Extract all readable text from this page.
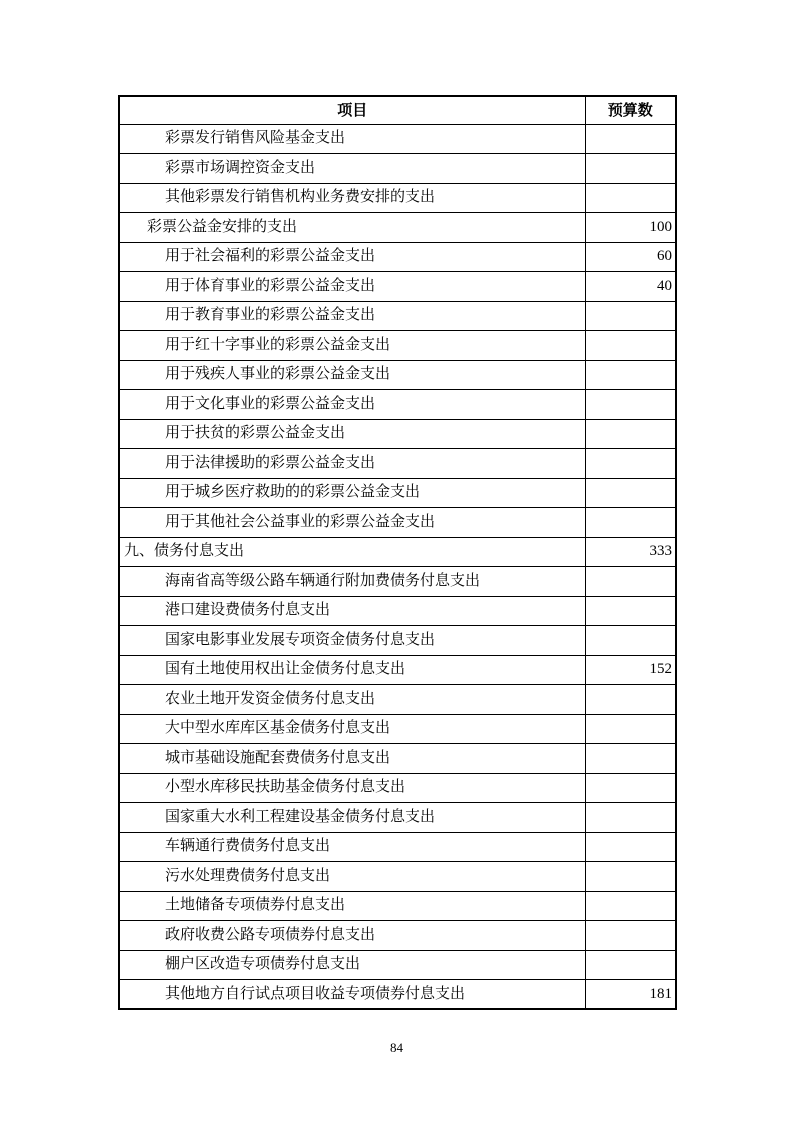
项目	预算数
彩票发行销售风险基金支出	
彩票市场调控资金支出	
其他彩票发行销售机构业务费安排的支出	
彩票公益金安排的支出	100
用于社会福利的彩票公益金支出	60
用于体育事业的彩票公益金支出	40
用于教育事业的彩票公益金支出	
用于红十字事业的彩票公益金支出	
用于残疾人事业的彩票公益金支出	
用于文化事业的彩票公益金支出	
用于扶贫的彩票公益金支出	
用于法律援助的彩票公益金支出	
用于城乡医疗救助的的彩票公益金支出	
用于其他社会公益事业的彩票公益金支出	
九、债务付息支出	333
海南省高等级公路车辆通行附加费债务付息支出	
港口建设费债务付息支出	
国家电影事业发展专项资金债务付息支出	
国有土地使用权出让金债务付息支出	152
农业土地开发资金债务付息支出	
大中型水库库区基金债务付息支出	
城市基础设施配套费债务付息支出	
小型水库移民扶助基金债务付息支出	
国家重大水利工程建设基金债务付息支出	
车辆通行费债务付息支出	
污水处理费债务付息支出	
土地储备专项债券付息支出	
政府收费公路专项债券付息支出	
棚户区改造专项债券付息支出	
其他地方自行试点项目收益专项债券付息支出	181
84
